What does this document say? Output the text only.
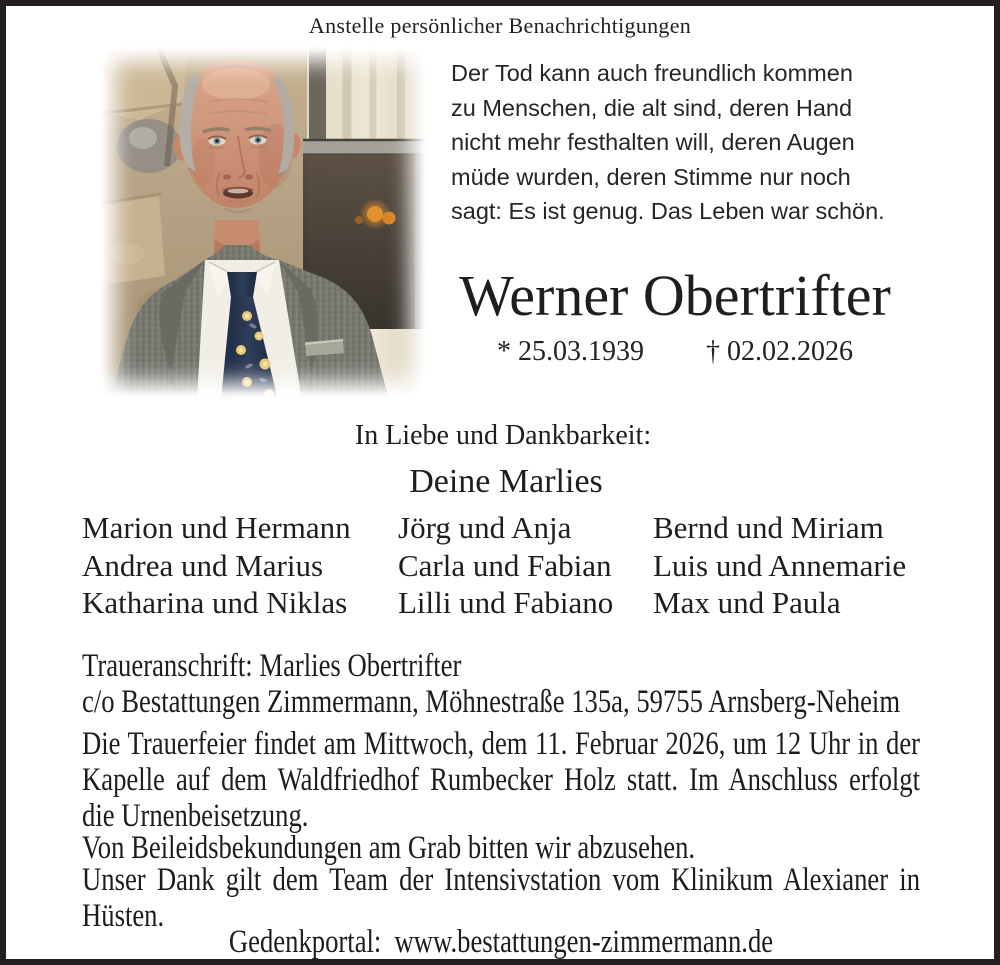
Anstelle persönlicher Benachrichtigungen
Der Tod kann auch freundlich kommen
zu Menschen, die alt sind, deren Hand
nicht mehr festhalten will, deren Augen
müde wurden, deren Stimme nur noch
sagt: Es ist genug. Das Leben war schön.
Werner Obertrifter
* 25.03.1939 † 02.02.2026
In Liebe und Dankbarkeit:
Deine Marlies
Marion und Hermann
Andrea und Marius
Katharina und Niklas
Jörg und Anja
Carla und Fabian
Lilli und Fabiano
Bernd und Miriam
Luis und Annemarie
Max und Paula
Traueranschrift: Marlies Obertrifter
c/o Bestattungen Zimmermann, Möhnestraße 135a, 59755 Arnsberg-Neheim
Die Trauerfeier findet am Mittwoch, dem 11. Februar 2026, um 12 Uhr in der
Kapelle auf dem Waldfriedhof Rumbecker Holz statt. Im Anschluss erfolgt
die Urnenbeisetzung.
Von Beileidsbekundungen am Grab bitten wir abzusehen.
Unser Dank gilt dem Team der Intensivstation vom Klinikum Alexianer in
Hüsten.
Gedenkportal: www.bestattungen-zimmermann.de
